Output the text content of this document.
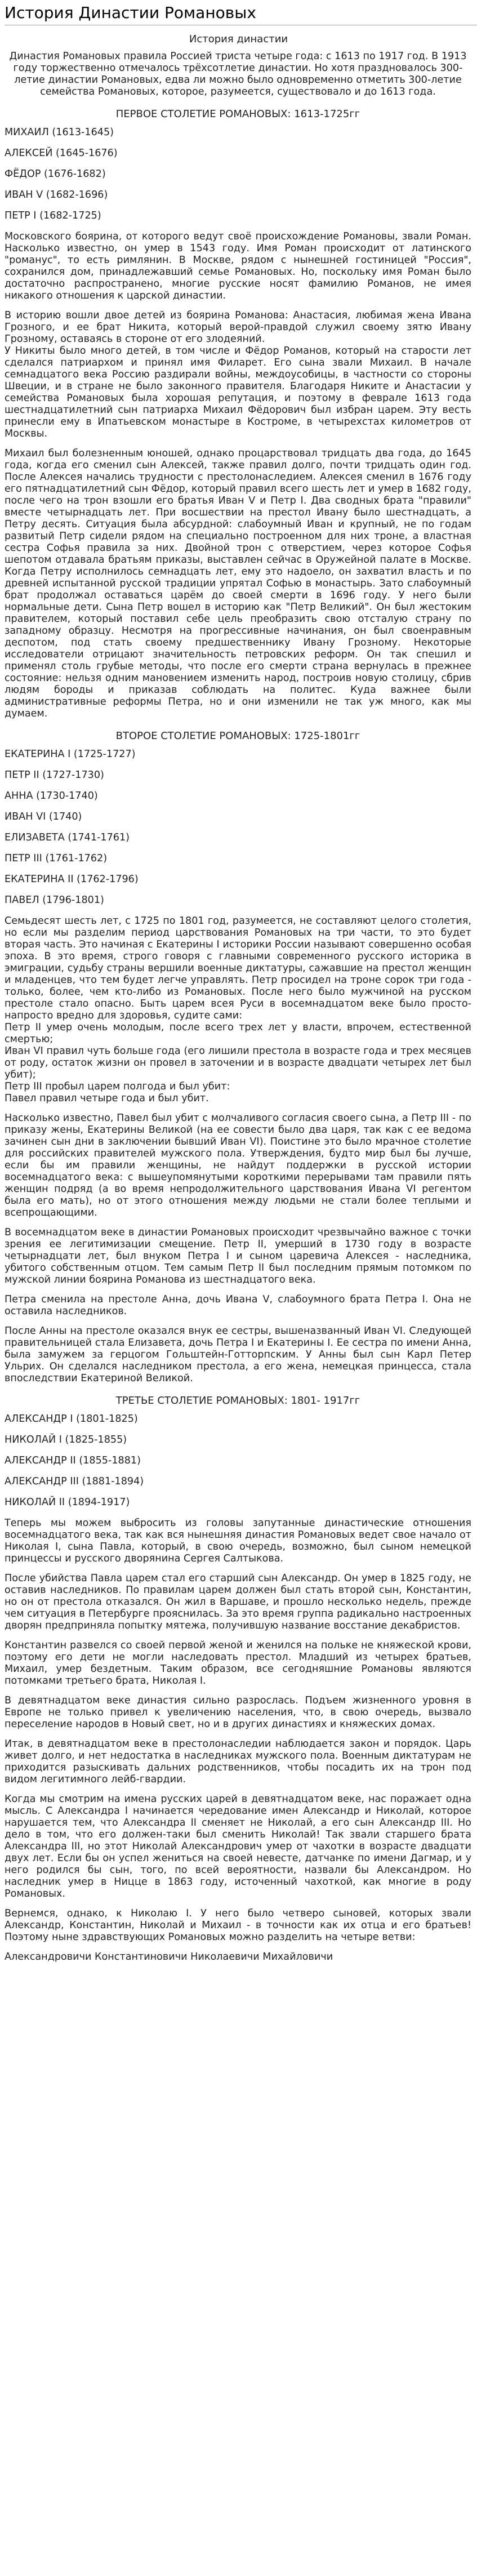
История Династии Романовых
История династии

Династия Романовых правила Россией триста четыре года: с 1613 по 1917 год. В 1913 году торжественно отмечалось трёхсотлетие династии. Но хотя праздновалось 300-летие династии Романовых, едва ли можно было одновременно отметить 300-летие семейства Романовых, которое, разумеется, существовало и до 1613 года.

ПЕРВОЕ СТОЛЕТИЕ РОМАНОВЫХ: 1613-1725гг
МИХАИЛ (1613-1645)
АЛЕКСЕЙ (1645-1676)
ФЁДОР (1676-1682)
ИВАН V (1682-1696)
ПЕТР I (1682-1725)

Московского боярина, от которого ведут своё происхождение Романовы, звали Роман. Насколько известно, он умер в 1543 году. Имя Роман происходит от латинского "романус", то есть римлянин. В Москве, рядом с нынешней гостиницей "Россия", сохранился дом, принадлежавший семье Романовых. Но, поскольку имя Роман было достаточно распространено, многие русские носят фамилию Романов, не имея никакого отношения к царской династии.

В историю вошли двое детей из боярина Романова: Анастасия, любимая жена Ивана Грозного, и ее брат Никита, который верой-правдой служил своему зятю Ивану Грозному, оставаясь в стороне от его злодеяний.
У Никиты было много детей, в том числе и Фёдор Романов, который на старости лет сделался патриархом и принял имя Филарет. Его сына звали Михаил. В начале семнадцатого века Россию раздирали войны, междоусобицы, в частности со стороны Швеции, и в стране не было законного правителя. Благодаря Никите и Анастасии у семейства Романовых была хорошая репутация, и поэтому в феврале 1613 года шестнадцатилетний сын патриарха Михаил Фёдорович был избран царем. Эту весть принесли ему в Ипатьевском монастыре в Костроме, в четырехстах километров от Москвы.

Михаил был болезненным юношей, однако процарствовал тридцать два года, до 1645 года, когда его сменил сын Алексей, также правил долго, почти тридцать один год. После Алексея начались трудности с престолонаследием. Алексея сменил в 1676 году его пятнадцатилетний сын Фёдор, который правил всего шесть лет и умер в 1682 году, после чего на трон взошли его братья Иван V и Петр I. Два сводных брата "правили" вместе четырнадцать лет. При восшествии на престол Ивану было шестнадцать, а Петру десять. Ситуация была абсурдной: слабоумный Иван и крупный, не по годам развитый Петр сидели рядом на специально построенном для них троне, а властная сестра Софья правила за них. Двойной трон с отверстием, через которое Софья шепотом отдавала братьям приказы, выставлен сейчас в Оружейной палате в Москве. Когда Петру исполнилось семнадцать лет, ему это надоело, он захватил власть и по древней испытанной русской традиции упрятал Софью в монастырь. Зато слабоумный брат продолжал оставаться царём до своей смерти в 1696 году. У него были нормальные дети. Сына Петр вошел в историю как "Петр Великий". Он был жестоким правителем, который поставил себе цель преобразить свою отсталую страну по западному образцу. Несмотря на прогрессивные начинания, он был своенравным деспотом, под стать своему предшественнику Ивану Грозному. Некоторые исследователи отрицают значительность петровских реформ. Он так спешил и применял столь грубые методы, что после его смерти страна вернулась в прежнее состояние: нельзя одним мановением изменить народ, построив новую столицу, сбрив людям бороды и приказав соблюдать на политес. Куда важнее были административные реформы Петра, но и они изменили не так уж много, как мы думаем.

ВТОРОЕ СТОЛЕТИЕ РОМАНОВЫХ: 1725-1801гг
ЕКАТЕРИНА I (1725-1727)
ПЕТР II (1727-1730)
АННА (1730-1740)
ИВАН VI (1740)
ЕЛИЗАВЕТА (1741-1761)
ПЕТР III (1761-1762)
ЕКАТЕРИНА II (1762-1796)
ПАВЕЛ (1796-1801)

Семьдесят шесть лет, с 1725 по 1801 год, разумеется, не составляют целого столетия, но если мы разделим период царствования Романовых на три части, то это будет вторая часть. Это начиная с Екатерины I историки России называют совершенно особая эпоха. В это время, строго говоря с главными современного русского историка в эмиграции, судьбу страны вершили военные диктатуры, сажавшие на престол женщин и младенцев, что тем будет легче управлять. Петр просидел на троне сорок три года - только, более, чем кто-либо из Романовых. После него было мужчиной на русском престоле стало опасно. Быть царем всея Руси в восемнадцатом веке было просто-напросто вредно для здоровья, судите сами:
Петр II умер очень молодым, после всего трех лет у власти, впрочем, естественной смертью;
Иван VI правил чуть больше года (его лишили престола в возрасте года и трех месяцев от роду, остаток жизни он провел в заточении и в возрасте двадцати четырех лет был убит);
Петр III пробыл царем полгода и был убит:
Павел правил четыре года и был убит.

Насколько известно, Павел был убит с молчаливого согласия своего сына, а Петр III - по приказу жены, Екатерины Великой (на ее совести было два царя, так как с ее ведома зачинен сын дни в заключении бывший Иван VI). Поистине это было мрачное столетие для российских правителей мужского пола. Утверждения, будто мир был бы лучше, если бы им правили женщины, не найдут поддержки в русской истории восемнадцатого века: с вышеупомянутыми короткими перерывами там правили пять женщин подряд (а во время непродолжительного царствования Ивана VI регентом была его мать), но от этого отношения между людьми не стали более теплыми и всепрощающими.

В восемнадцатом веке в династии Романовых происходит чрезвычайно важное с точки зрения ее легитимизации смещение. Петр II, умерший в 1730 году в возрасте четырнадцати лет, был внуком Петра I и сыном царевича Алексея - наследника, убитого собственным отцом. Тем самым Петр II был последним прямым потомком по мужской линии боярина Романова из шестнадцатого века.

Петра сменила на престоле Анна, дочь Ивана V, слабоумного брата Петра I. Она не оставила наследников.

После Анны на престоле оказался внук ее сестры, вышеназванный Иван VI. Следующей правительницей стала Елизавета, дочь Петра I и Екатерины I. Ее сестра по имени Анна, была замужем за герцогом Гольштейн-Готторпским. У Анны был сын Карл Петер Ульрих. Он сделался наследником престола, а его жена, немецкая принцесса, стала впоследствии Екатериной Великой.

ТРЕТЬЕ СТОЛЕТИЕ РОМАНОВЫХ: 1801- 1917гг
АЛЕКСАНДР I (1801-1825)
НИКОЛАЙ I (1825-1855)
АЛЕКСАНДР II (1855-1881)
АЛЕКСАНДР III (1881-1894)
НИКОЛАЙ II (1894-1917)

Теперь мы можем выбросить из головы запутанные династические отношения восемнадцатого века, так как вся нынешняя династия Романовых ведет свое начало от Николая I, сына Павла, который, в свою очередь, возможно, был сыном немецкой принцессы и русского дворянина Сергея Салтыкова.

После убийства Павла царем стал его старший сын Александр. Он умер в 1825 году, не оставив наследников. По правилам царем должен был стать второй сын, Константин, но он от престола отказался. Он жил в Варшаве, и прошло несколько недель, прежде чем ситуация в Петербурге прояснилась. За это время группа радикально настроенных дворян предприняла попытку мятежа, получившую название восстание декабристов.

Константин развелся со своей первой женой и женился на польке не княжеской крови, поэтому его дети не могли наследовать престол. Младший из четырех братьев, Михаил, умер бездетным. Таким образом, все сегодняшние Романовы являются потомками третьего брата, Николая I.

В девятнадцатом веке династия сильно разрослась. Подъем жизненного уровня в Европе не только привел к увеличению населения, что, в свою очередь, вызвало переселение народов в Новый свет, но и в других династиях и княжеских домах.

Итак, в девятнадцатом веке в престолонаследии наблюдается закон и порядок. Царь живет долго, и нет недостатка в наследниках мужского пола. Военным диктатурам не приходится разыскивать дальних родственников, чтобы посадить их на трон под видом легитимного лейб-гвардии.

Когда мы смотрим на имена русских царей в девятнадцатом веке, нас поражает одна мысль. С Александра I начинается чередование имен Александр и Николай, которое нарушается тем, что Александра II сменяет не Николай, а его сын Александр III. Но дело в том, что его должен-таки был сменить Николай! Так звали старшего брата Александра III, но этот Николай Александрович умер от чахотки в возрасте двадцати двух лет. Если бы он успел жениться на своей невесте, датчанке по имени Дагмар, и у него родился бы сын, того, по всей вероятности, назвали бы Александром. Но наследник умер в Ницце в 1863 году, источенный чахоткой, как многие в роду Романовых.

Вернемся, однако, к Николаю I. У него было четверо сыновей, которых звали Александр, Константин, Николай и Михаил - в точности как их отца и его братьев! Поэтому ныне здравствующих Романовых можно разделить на четыре ветви:

Александровичи Константиновичи Николаевичи Михайловичи
